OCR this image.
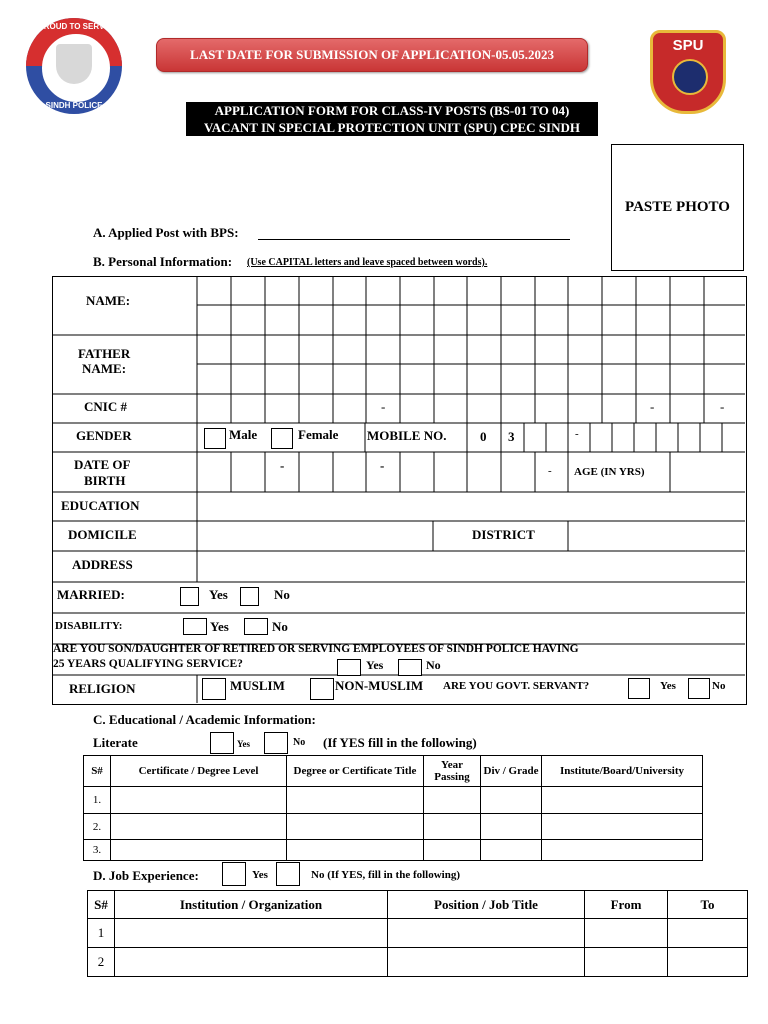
PROUD TO SERVE
SINDH POLICE
LAST DATE FOR SUBMISSION OF APPLICATION-05.05.2023
SPU
APPLICATION FORM FOR CLASS-IV POSTS (BS-01 TO 04)
VACANT IN SPECIAL PROTECTION UNIT (SPU) CPEC SINDH
PASTE PHOTO
A. Applied Post with BPS:
B. Personal Information: (Use CAPITAL letters and leave spaced between words).
NAME:
FATHER
NAME:
CNIC #	-	-	-
GENDER	Male	Female MOBILE NO.	0 3	-
DATE OF
BIRTH
-	-	- AGE (IN YRS)
EDUCATION
DOMICILE	DISTRICT
ADDRESS
MARRIED:	Yes	No
DISABILITY:	Yes	No
ARE YOU SON/DAUGHTER OF RETIRED OR SERVING EMPLOYEES OF SINDH POLICE HAVING
25 YEARS QUALIFYING SERVICE?	Yes	No
RELIGION	MUSLIM	NON-MUSLIM ARE YOU GOVT. SERVANT?	Yes	No
C. Educational / Academic Information:
Literate	Yes	No (If YES fill in the following)
S#	Certificate / Degree Level	Degree or Certificate Title	Year Passing	Div / Grade	Institute/Board/University
1.					
2.					
3.					
D. Job Experience:	Yes	No (If YES, fill in the following)
S#	Institution / Organization	Position / Job Title	From	To
1				
2				
